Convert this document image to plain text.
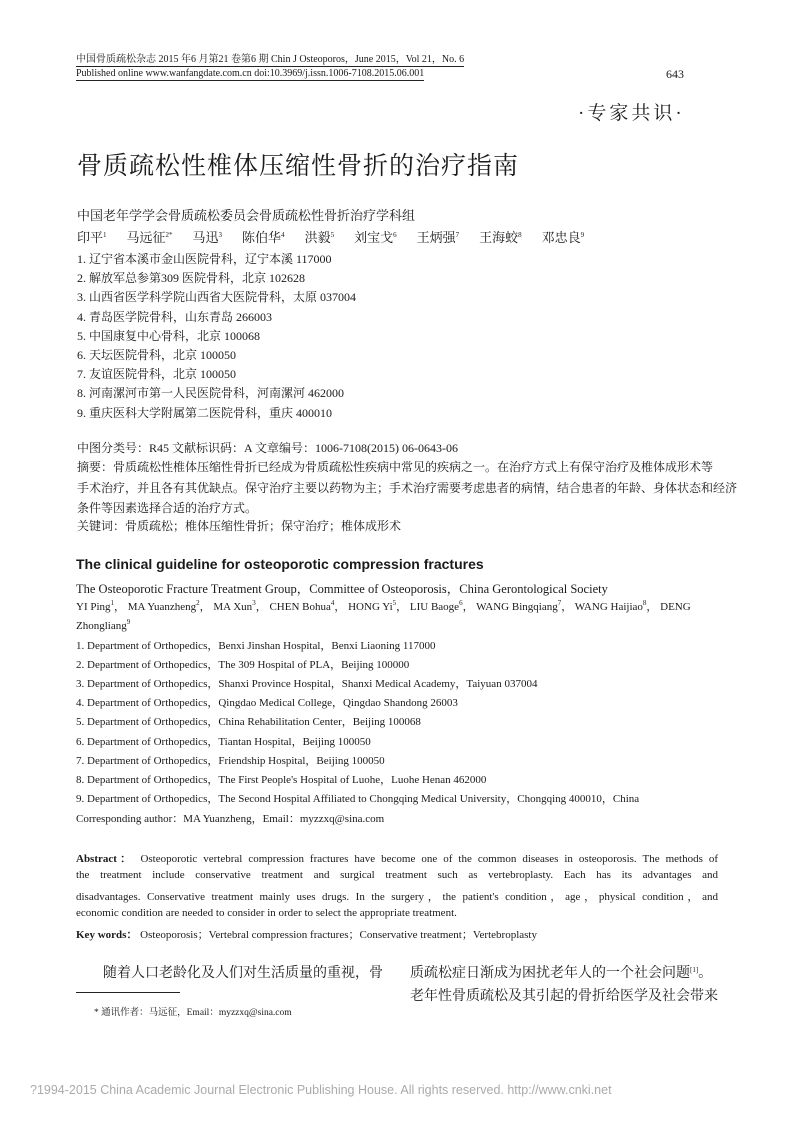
中国骨质疏松杂志 2015 年6 月第21 卷第6 期 Chin J Osteoporos，June 2015，Vol 21，No. 6
Published online www.wanfangdate.com.cn doi:10.3969/j.issn.1006-7108.2015.06.001	643
·专家共识·
骨质疏松性椎体压缩性骨折的治疗指南
中国老年学学会骨质疏松委员会骨质疏松性骨折治疗学科组
印平$^1$ 马远征$^{2*}$ 马迅$^3$ 陈伯华$^4$ 洪毅$^5$ 刘宝戈$^6$ 王炳强$^7$ 王海蛟$^8$ 邓忠良$^9$
1. 辽宁省本溪市金山医院骨科，辽宁本溪 117000
2. 解放军总参第309 医院骨科，北京 102628
3. 山西省医学科学院山西省大医院骨科，太原 037004
4. 青岛医学院骨科，山东青岛 266003
5. 中国康复中心骨科，北京 100068
6. 天坛医院骨科，北京 100050
7. 友谊医院骨科，北京 100050
8. 河南漯河市第一人民医院骨科，河南漯河 462000
9. 重庆医科大学附属第二医院骨科，重庆 400010
中图分类号：R45 文献标识码：A 文章编号：1006-7108(2015) 06-0643-06
摘要：骨质疏松性椎体压缩性骨折已经成为骨质疏松性疾病中常见的疾病之一。在治疗方式上有保守治疗及椎体成形术等
手术治疗，并且各有其优缺点。保守治疗主要以药物为主；手术治疗需要考虑患者的病情，结合患者的年龄、身体状态和经济
条件等因素选择合适的治疗方式。
关键词：骨质疏松；椎体压缩性骨折；保守治疗；椎体成形术
The clinical guideline for osteoporotic compression fractures
The Osteoporotic Fracture Treatment Group，Committee of Osteoporosis，China Gerontological Society
YI Ping$^1$， MA Yuanzheng$^2$， MA Xun$^3$， CHEN Bohua$^4$， HONG Yi$^5$， LIU Baoge$^6$， WANG Bingqiang$^7$， WANG Haijiao$^8$， DENG Zhongliang$^9$
1. Department of Orthopedics，Benxi Jinshan Hospital，Benxi Liaoning 117000
2. Department of Orthopedics，The 309 Hospital of PLA，Beijing 100000
3. Department of Orthopedics，Shanxi Province Hospital，Shanxi Medical Academy，Taiyuan 037004
4. Department of Orthopedics，Qingdao Medical College，Qingdao Shandong 26003
5. Department of Orthopedics，China Rehabilitation Center，Beijing 100068
6. Department of Orthopedics，Tiantan Hospital，Beijing 100050
7. Department of Orthopedics，Friendship Hospital，Beijing 100050
8. Department of Orthopedics，The First People's Hospital of Luohe，Luohe Henan 462000
9. Department of Orthopedics，The Second Hospital Affiliated to Chongqing Medical University，Chongqing 400010，China
Corresponding author：MA Yuanzheng，Email：myzzxq@sina.com
Abstract： Osteoporotic vertebral compression fractures have become one of the common diseases in osteoporosis. The methods of
the treatment include conservative treatment and surgical treatment such as vertebroplasty. Each has its advantages and
disadvantages. Conservative treatment mainly uses drugs. In the surgery，the patient's condition，age，physical condition，and
economic condition are needed to consider in order to select the appropriate treatment.
Key words： Osteoporosis；Vertebral compression fractures；Conservative treatment；Vertebroplasty
随着人口老龄化及人们对生活质量的重视，骨 质疏松症日渐成为困扰老年人的一个社会问题[1]。
老年性骨质疏松及其引起的骨折给医学及社会带来
* 通讯作者：马远征，Email：myzzxq@sina.com
?1994-2015 China Academic Journal Electronic Publishing House. All rights reserved. http://www.cnki.net
